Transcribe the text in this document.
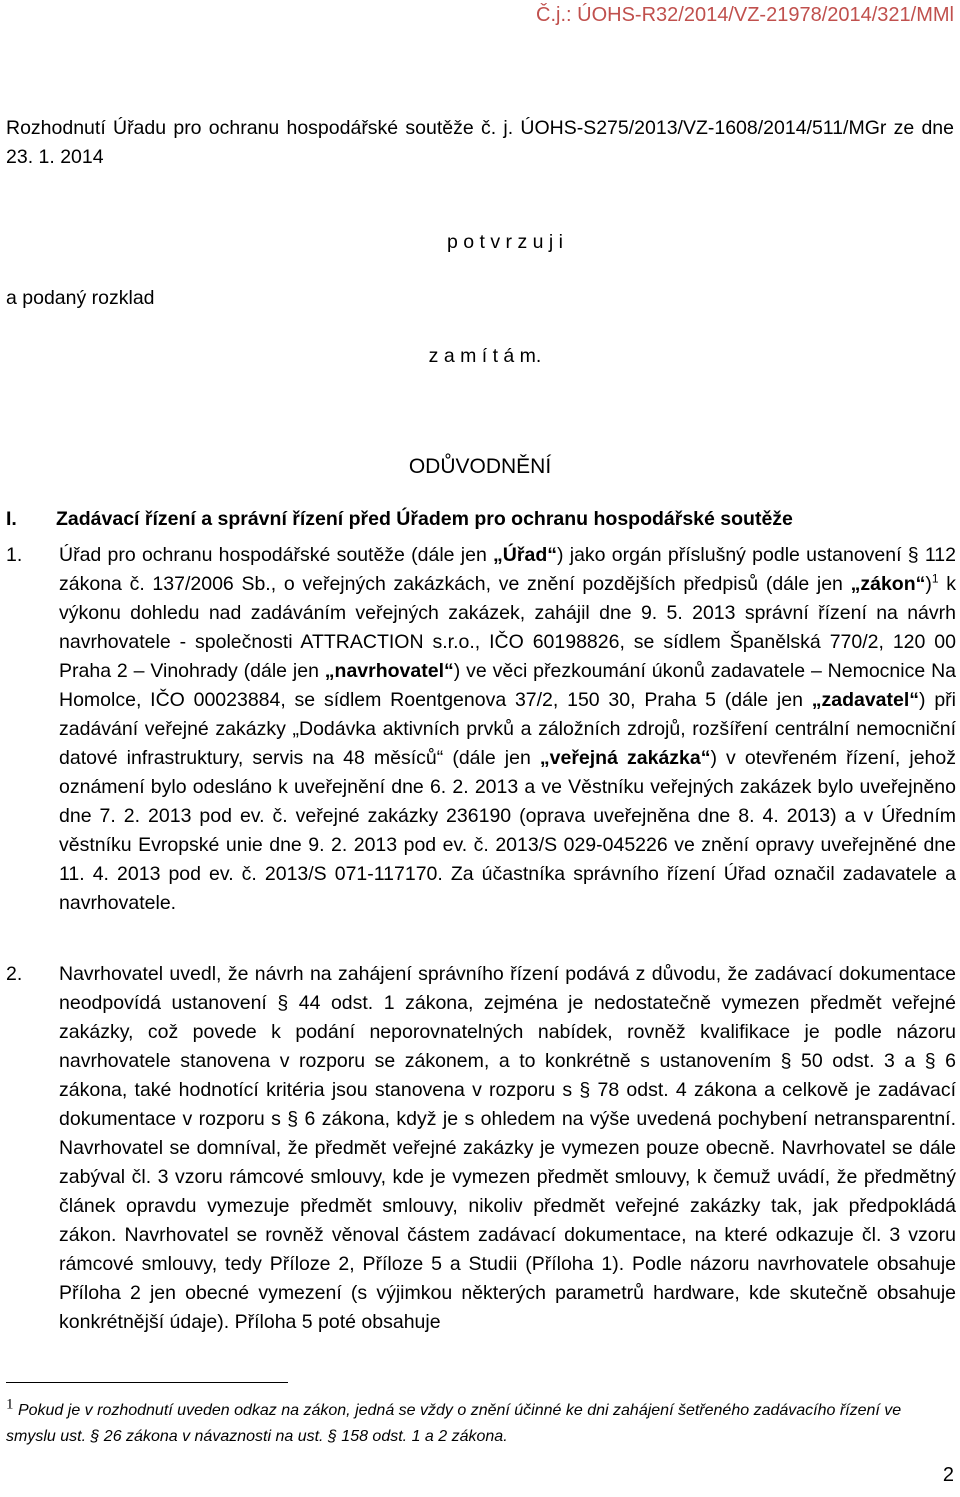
Č.j.: ÚOHS-R32/2014/VZ-21978/2014/321/MMl
Rozhodnutí Úřadu pro ochranu hospodářské soutěže č. j. ÚOHS-S275/2013/VZ-1608/2014/511/MGr ze dne 23. 1. 2014
p o t v r z u j i
a podaný rozklad
z a m í t á m.
ODŮVODNĚNÍ
I. Zadávací řízení a správní řízení před Úřadem pro ochranu hospodářské soutěže
1. Úřad pro ochranu hospodářské soutěže (dále jen „Úřad“) jako orgán příslušný podle ustanovení § 112 zákona č. 137/2006 Sb., o veřejných zakázkách, ve znění pozdějších předpisů (dále jen „zákon“)$^1$ k výkonu dohledu nad zadáváním veřejných zakázek, zahájil dne 9. 5. 2013 správní řízení na návrh navrhovatele - společnosti ATTRACTION s.r.o., IČO 60198826, se sídlem Španělská 770/2, 120 00 Praha 2 – Vinohrady (dále jen „navrhovatel“) ve věci přezkoumání úkonů zadavatele – Nemocnice Na Homolce, IČO 00023884, se sídlem Roentgenova 37/2, 150 30, Praha 5 (dále jen „zadavatel“) při zadávání veřejné zakázky „Dodávka aktivních prvků a záložních zdrojů, rozšíření centrální nemocniční datové infrastruktury, servis na 48 měsíců“ (dále jen „veřejná zakázka“) v otevřeném řízení, jehož oznámení bylo odesláno k uveřejnění dne 6. 2. 2013 a ve Věstníku veřejných zakázek bylo uveřejněno dne 7. 2. 2013 pod ev. č. veřejné zakázky 236190 (oprava uveřejněna dne 8. 4. 2013) a v Úředním věstníku Evropské unie dne 9. 2. 2013 pod ev. č. 2013/S 029-045226 ve znění opravy uveřejněné dne 11. 4. 2013 pod ev. č. 2013/S 071-117170. Za účastníka správního řízení Úřad označil zadavatele a navrhovatele.
2. Navrhovatel uvedl, že návrh na zahájení správního řízení podává z důvodu, že zadávací dokumentace neodpovídá ustanovení § 44 odst. 1 zákona, zejména je nedostatečně vymezen předmět veřejné zakázky, což povede k podání neporovnatelných nabídek, rovněž kvalifikace je podle názoru navrhovatele stanovena v rozporu se zákonem, a to konkrétně s ustanovením § 50 odst. 3 a § 6 zákona, také hodnotící kritéria jsou stanovena v rozporu s § 78 odst. 4 zákona a celkově je zadávací dokumentace v rozporu s § 6 zákona, když je s ohledem na výše uvedená pochybení netransparentní. Navrhovatel se domníval, že předmět veřejné zakázky je vymezen pouze obecně. Navrhovatel se dále zabýval čl. 3 vzoru rámcové smlouvy, kde je vymezen předmět smlouvy, k čemuž uvádí, že předmětný článek opravdu vymezuje předmět smlouvy, nikoliv předmět veřejné zakázky tak, jak předpokládá zákon. Navrhovatel se rovněž věnoval částem zadávací dokumentace, na které odkazuje čl. 3 vzoru rámcové smlouvy, tedy Příloze 2, Příloze 5 a Studii (Příloha 1). Podle názoru navrhovatele obsahuje Příloha 2 jen obecné vymezení (s výjimkou některých parametrů hardware, kde skutečně obsahuje konkrétnější údaje). Příloha 5 poté obsahuje
$^1$ Pokud je v rozhodnutí uveden odkaz na zákon, jedná se vždy o znění účinné ke dni zahájení šetřeného zadávacího řízení ve smyslu ust. § 26 zákona v návaznosti na ust. § 158 odst. 1 a 2 zákona.
2
